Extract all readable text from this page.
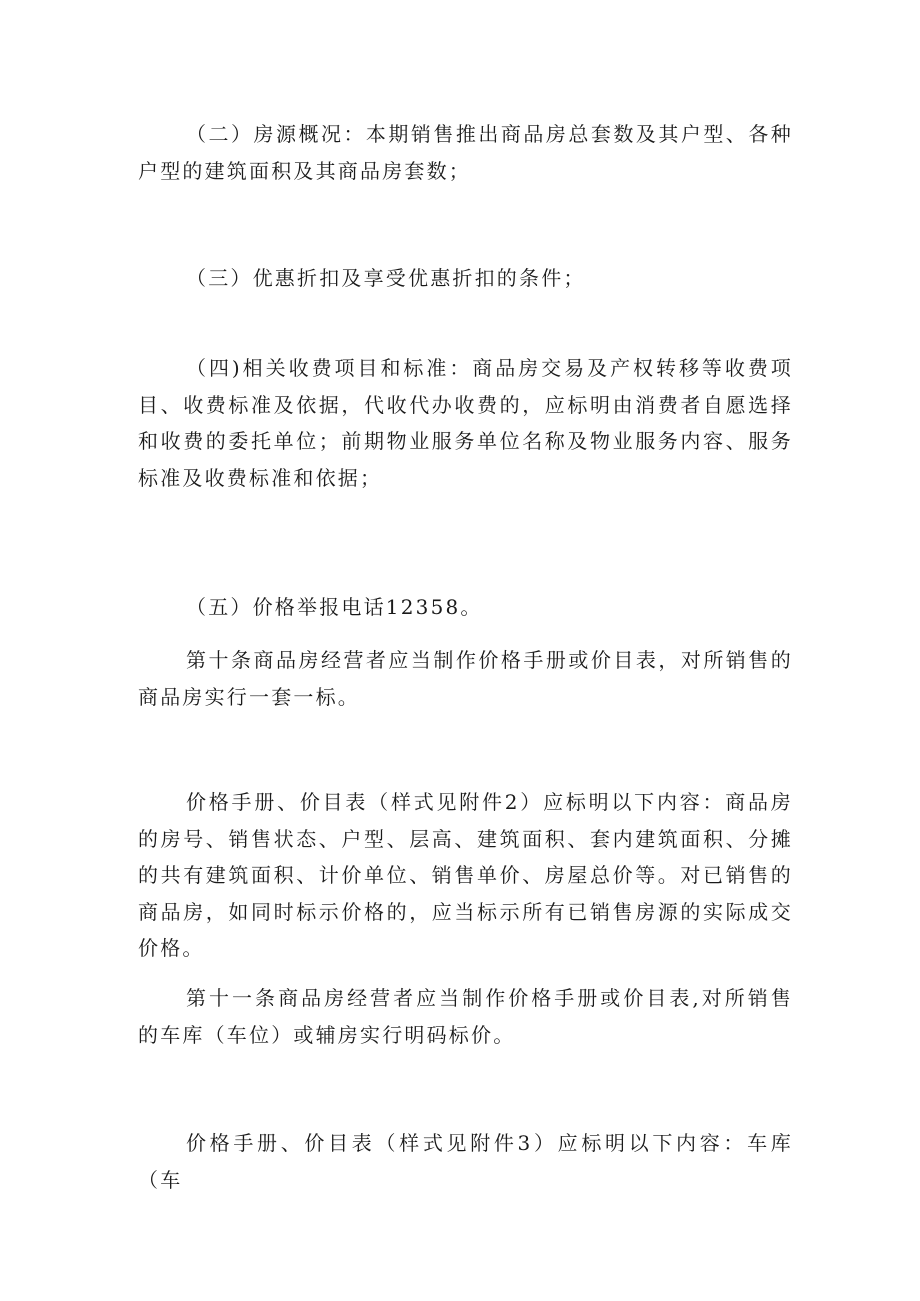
（二）房源概况：本期销售推出商品房总套数及其户型、各种户型的建筑面积及其商品房套数；

（三）优惠折扣及享受优惠折扣的条件；

（四)相关收费项目和标准：商品房交易及产权转移等收费项目、收费标准及依据，代收代办收费的，应标明由消费者自愿选择和收费的委托单位；前期物业服务单位名称及物业服务内容、服务标准及收费标准和依据；

（五）价格举报电话12358。

第十条商品房经营者应当制作价格手册或价目表，对所销售的商品房实行一套一标。

价格手册、价目表（样式见附件2）应标明以下内容：商品房的房号、销售状态、户型、层高、建筑面积、套内建筑面积、分摊的共有建筑面积、计价单位、销售单价、房屋总价等。对已销售的商品房，如同时标示价格的，应当标示所有已销售房源的实际成交价格。

第十一条商品房经营者应当制作价格手册或价目表,对所销售的车库（车位）或辅房实行明码标价。

价格手册、价目表（样式见附件3）应标明以下内容：车库（车
